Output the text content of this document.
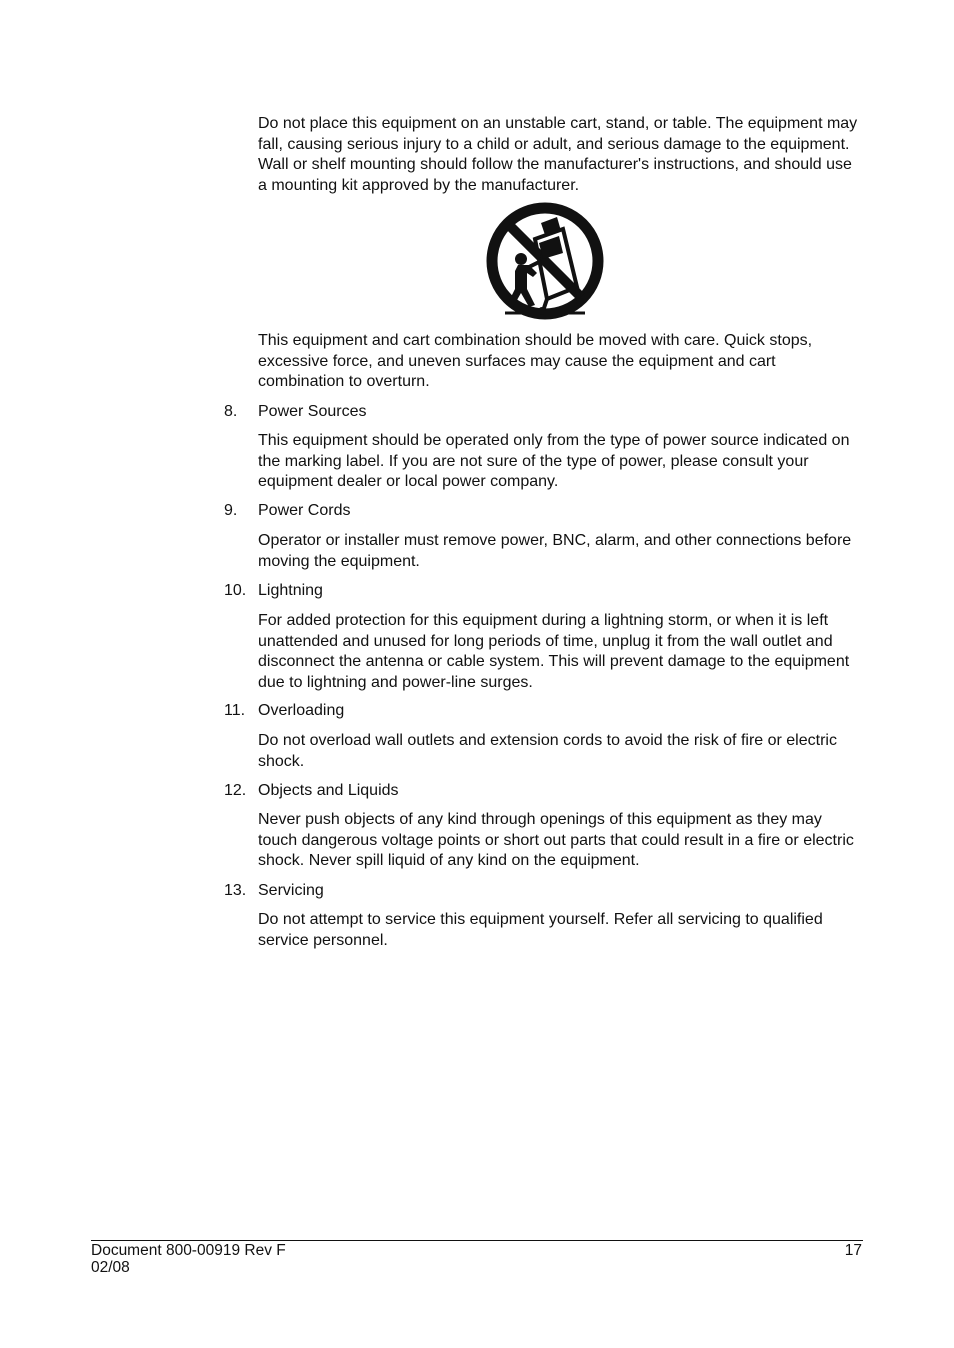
Do not place this equipment on an unstable cart, stand, or table. The equipment may fall, causing serious injury to a child or adult, and serious damage to the equipment. Wall or shelf mounting should follow the manufacturer's instructions, and should use a mounting kit approved by the manufacturer.

This equipment and cart combination should be moved with care. Quick stops, excessive force, and uneven surfaces may cause the equipment and cart combination to overturn.

8. Power Sources

This equipment should be operated only from the type of power source indicated on the marking label. If you are not sure of the type of power, please consult your equipment dealer or local power company.

9. Power Cords

Operator or installer must remove power, BNC, alarm, and other connections before moving the equipment.

10. Lightning

For added protection for this equipment during a lightning storm, or when it is left unattended and unused for long periods of time, unplug it from the wall outlet and disconnect the antenna or cable system. This will prevent damage to the equipment due to lightning and power-line surges.

11. Overloading

Do not overload wall outlets and extension cords to avoid the risk of fire or electric shock.

12. Objects and Liquids

Never push objects of any kind through openings of this equipment as they may touch dangerous voltage points or short out parts that could result in a fire or electric shock. Never spill liquid of any kind on the equipment.

13. Servicing

Do not attempt to service this equipment yourself. Refer all servicing to qualified service personnel.

Document 800-00919 Rev F
02/08
17
